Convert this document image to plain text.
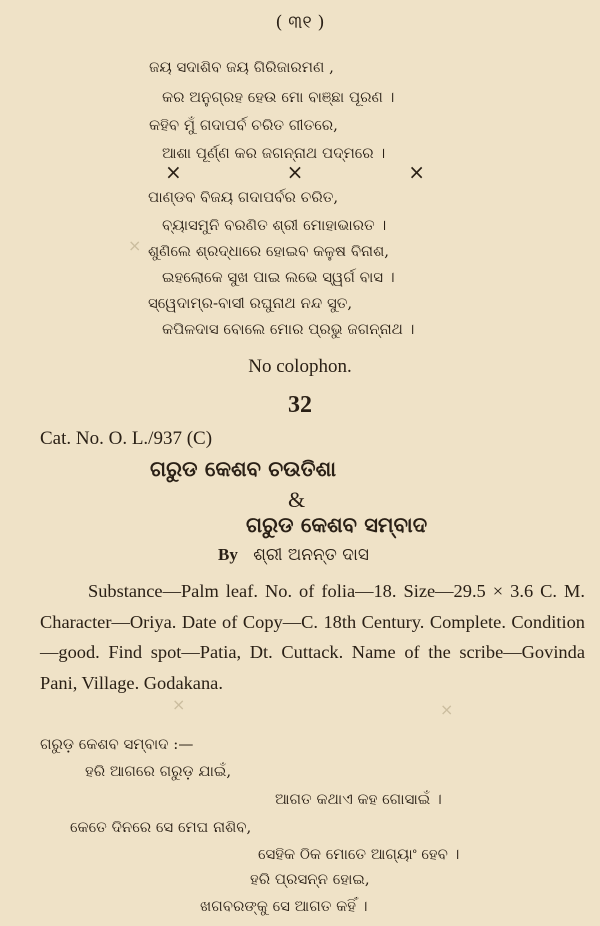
( ୩୧ )
ଜୟ ସଦାଶିବ ଜୟ ଗିରିଜାରମଣ ,
କର ଅନୁଗ୍ରହ ହେଉ ମୋ ବାଞ୍ଛା ପୂରଣ ।
କହିବ ମୁଁ ଗଦାପର୍ବ ଚରିତ ଗୀତରେ,
ଆଶା ପୂର୍ଣ୍ଣ କର ଜଗନ୍ନାଥ ପଦ୍ମରେ ।
×	×	×
ପାଣ୍ଡବ ବିଜୟ ଗଦାପର୍ବର ଚରିତ,
ବ୍ୟାସମୁନି ବରଣିତ ଶ୍ରୀ ମୋହାଭାରତ ।
ଶୁଣିଲେ ଶ୍ରଦ୍ଧାରେ ହୋଇବ କଳୁଷ ବିନାଶ,
ଇହଲୋକେ ସୁଖ ପାଇ ଲଭେ ସ୍ୱର୍ଗ ବାସ ।
ସ୍ୱେଦାମ୍ର-ବାସୀ ରଘୁନାଥ ନନ୍ଦ ସୁତ,
କପିଳଦାସ ବୋଲେ ମୋର ପ୍ରଭୁ ଜଗନ୍ନାଥ ।
No colophon.
32
Cat. No. O. L./937 (C)
ଗରୁଡ କେଶବ ଚଉତିଶା
&
ଗରୁଡ କେଶବ ସମ୍ବାଦ
By ଶ୍ରୀ ଅନନ୍ତ ଦାସ
Substance—Palm leaf. No. of folia—18. Size—29.5 × 3.6 C. M. Character—Oriya. Date of Copy—C. 18th Century. Complete. Condition—good. Find spot—Patia, Dt. Cuttack. Name of the scribe—Govinda Pani, Village. Godakana.
ଗରୁଡ଼ କେଶବ ସମ୍ବାଦ :—
ହରି ଆଗରେ ଗରୁଡ଼ ଯାଇଁ,
ଆଗତ କଥାଏ କହ ଗୋସାଇଁ ।
କେତେ ଦିନରେ ସେ ମେଘ ନାଶିବ,
ସେହିକ ଠିକ ମୋତେ ଆଗ୍ୟାଂ ହେବ ।
ହରି ପ୍ରସନ୍ନ ହୋଇ,
ଖଗବରଙ୍କୁ ସେ ଆଗତ କହିଁ ।
×
×	×
